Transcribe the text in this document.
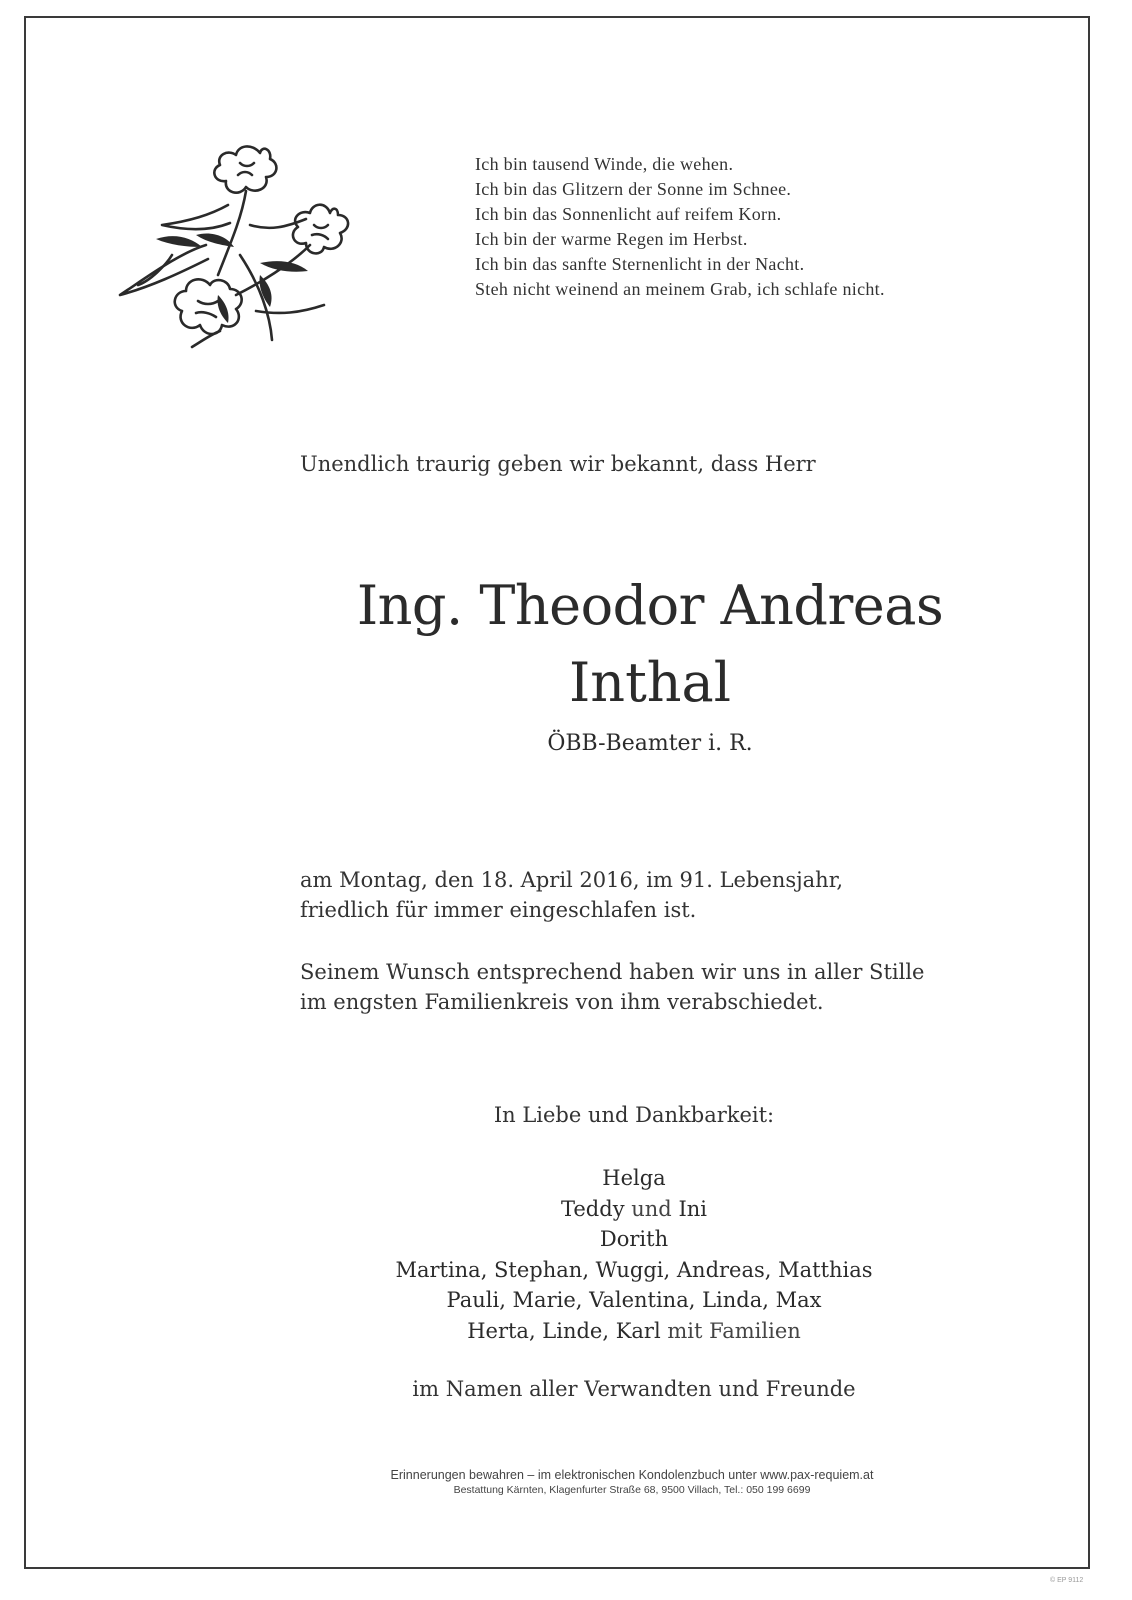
Ich bin tausend Winde, die wehen.
Ich bin das Glitzern der Sonne im Schnee.
Ich bin das Sonnenlicht auf reifem Korn.
Ich bin der warme Regen im Herbst.
Ich bin das sanfte Sternenlicht in der Nacht.
Steh nicht weinend an meinem Grab, ich schlafe nicht.
Unendlich traurig geben wir bekannt, dass Herr
Ing. Theodor Andreas
Inthal
ÖBB-Beamter i. R.
am Montag, den 18. April 2016, im 91. Lebensjahr,
friedlich für immer eingeschlafen ist.
Seinem Wunsch entsprechend haben wir uns in aller Stille
im engsten Familienkreis von ihm verabschiedet.
In Liebe und Dankbarkeit:
Helga
Teddy und Ini
Dorith
Martina, Stephan, Wuggi, Andreas, Matthias
Pauli, Marie, Valentina, Linda, Max
Herta, Linde, Karl mit Familien
im Namen aller Verwandten und Freunde
Erinnerungen bewahren – im elektronischen Kondolenzbuch unter www.pax-requiem.at
Bestattung Kärnten, Klagenfurter Straße 68, 9500 Villach, Tel.: 050 199 6699
© EP 9112
